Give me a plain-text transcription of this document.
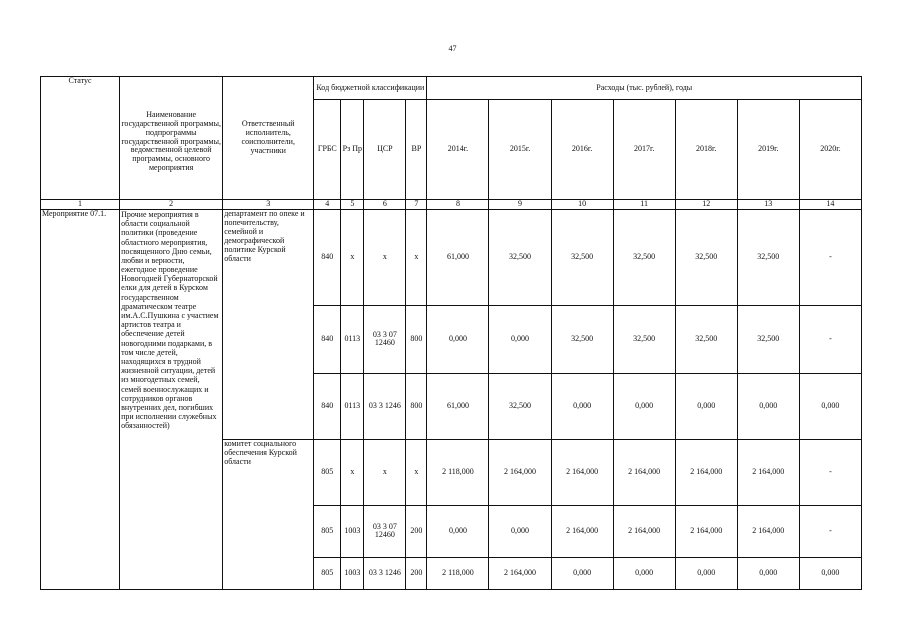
47
Статус	Наименование государственной программы, подпрограммы государственной программы, ведомственной целевой программы, основного мероприятия	Ответственный исполнитель, соисполнители, участники	Код бюджетной классификации				Расходы (тыс. рублей), годы						
			ГРБС	Рз Пр	ЦСР	ВР	2014г.	2015г.	2016г.	2017г.	2018г.	2019г.	2020г.
1	2	3	4	5	6	7	8	9	10	11	12	13	14
Мероприятие 07.1.	Прочие мероприятия в области социальной политики (проведение областного мероприятия, посвященного Дню семьи, любви и верности, ежегодное проведение Новогодней Губернаторской елки для детей в Курском государственном драматическом театре им.А.С.Пушкина с участием артистов театра и обеспечение детей новогодними подарками, в том числе детей, находящихся в трудной жизненной ситуации, детей из многодетных семей, семей военнослужащих и сотрудников органов внутренних дел, погибших при исполнении служебных обязанностей)	департамент по опеке и попечительству, семейной и демографической политике Курской области	840	х	х	х	61,000	32,500	32,500	32,500	32,500	32,500	-
			840	0113	03 3 07 12460	800	0,000	0,000	32,500	32,500	32,500	32,500	-
			840	0113	03 3 1246	800	61,000	32,500	0,000	0,000	0,000	0,000	0,000
		комитет социального обеспечения Курской области	805	х	х	х	2 118,000	2 164,000	2 164,000	2 164,000	2 164,000	2 164,000	-
			805	1003	03 3 07 12460	200	0,000	0,000	2 164,000	2 164,000	2 164,000	2 164,000	-
			805	1003	03 3 1246	200	2 118,000	2 164,000	0,000	0,000	0,000	0,000	0,000
